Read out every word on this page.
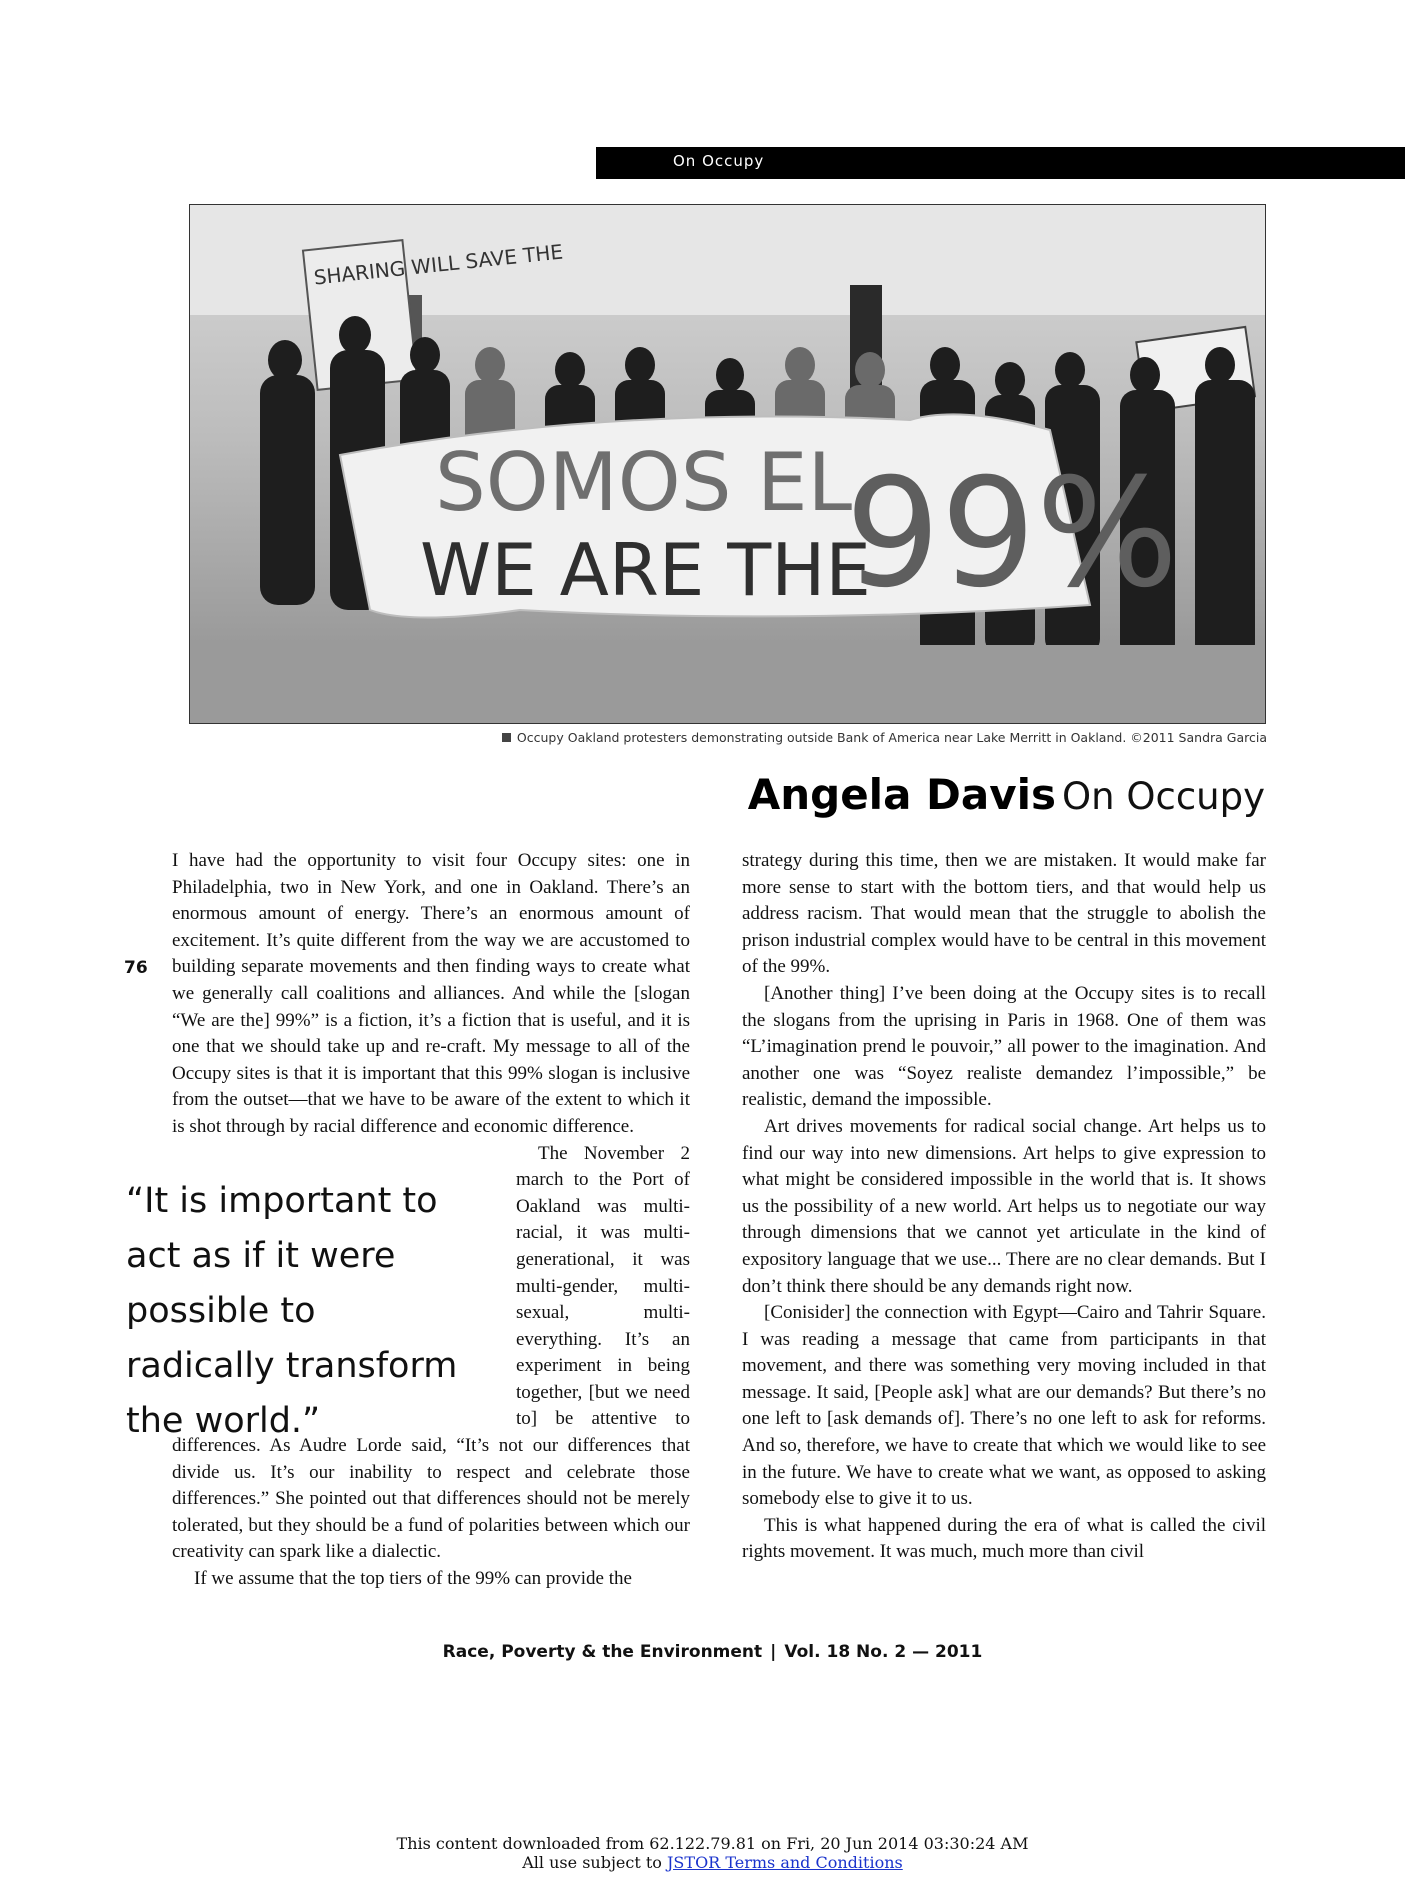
On Occupy
SHARING WILL SAVE THE
SOMOS EL
WE ARE THE
99%
Occupy Oakland protesters demonstrating outside Bank of America near Lake Merritt in Oakland. ©2011 Sandra Garcia
Angela Davis On Occupy
76

I have had the opportunity to visit four Occupy sites: one in Philadelphia, two in New York, and one in Oakland. There’s an enormous amount of energy. There’s an enormous amount of excitement. It’s quite different from the way we are accustomed to building separate movements and then finding ways to create what we generally call coalitions and alliances. And while the [slogan “We are the] 99%” is a fiction, it’s a fiction that is useful, and it is one that we should take up and re-craft. My message to all of the Occupy sites is that it is important that this 99% slogan is inclusive from the outset—that we have to be aware of the extent to which it is shot through by racial difference and economic difference.

The November 2 march to the Port of Oakland was multi-racial, it was multi-generational, it was multi-gender, multi-sexual, multi-everything. It’s an experiment in being together, [but we need to] be attentive to differences. As Audre Lorde said, “It’s not our differences that divide us. It’s our inability to respect and celebrate those differences.” She pointed out that differences should not be merely tolerated, but they should be a fund of polarities between which our creativity can spark like a dialectic.

If we assume that the top tiers of the 99% can provide the

“It is important to act as if it were possible to radically transform the world.”

strategy during this time, then we are mistaken. It would make far more sense to start with the bottom tiers, and that would help us address racism. That would mean that the struggle to abolish the prison industrial complex would have to be central in this movement of the 99%.

[Another thing] I’ve been doing at the Occupy sites is to recall the slogans from the uprising in Paris in 1968. One of them was “L’imagination prend le pouvoir,” all power to the imagination. And another one was “Soyez realiste demandez l’impossible,” be realistic, demand the impossible.

Art drives movements for radical social change. Art helps us to find our way into new dimensions. Art helps to give expression to what might be considered impossible in the world that is. It shows us the possibility of a new world. Art helps us to negotiate our way through dimensions that we cannot yet articulate in the kind of expository language that we use... There are no clear demands. But I don’t think there should be any demands right now.

[Conisider] the connection with Egypt—Cairo and Tahrir Square. I was reading a message that came from participants in that movement, and there was something very moving included in that message. It said, [People ask] what are our demands? But there’s no one left to [ask demands of]. There’s no one left to ask for reforms. And so, therefore, we have to create that which we would like to see in the future. We have to create what we want, as opposed to asking somebody else to give it to us.

This is what happened during the era of what is called the civil rights movement. It was much, much more than civil

Race, Poverty & the Environment | Vol. 18 No. 2 — 2011
This content downloaded from 62.122.79.81 on Fri, 20 Jun 2014 03:30:24 AM
All use subject to JSTOR Terms and Conditions
